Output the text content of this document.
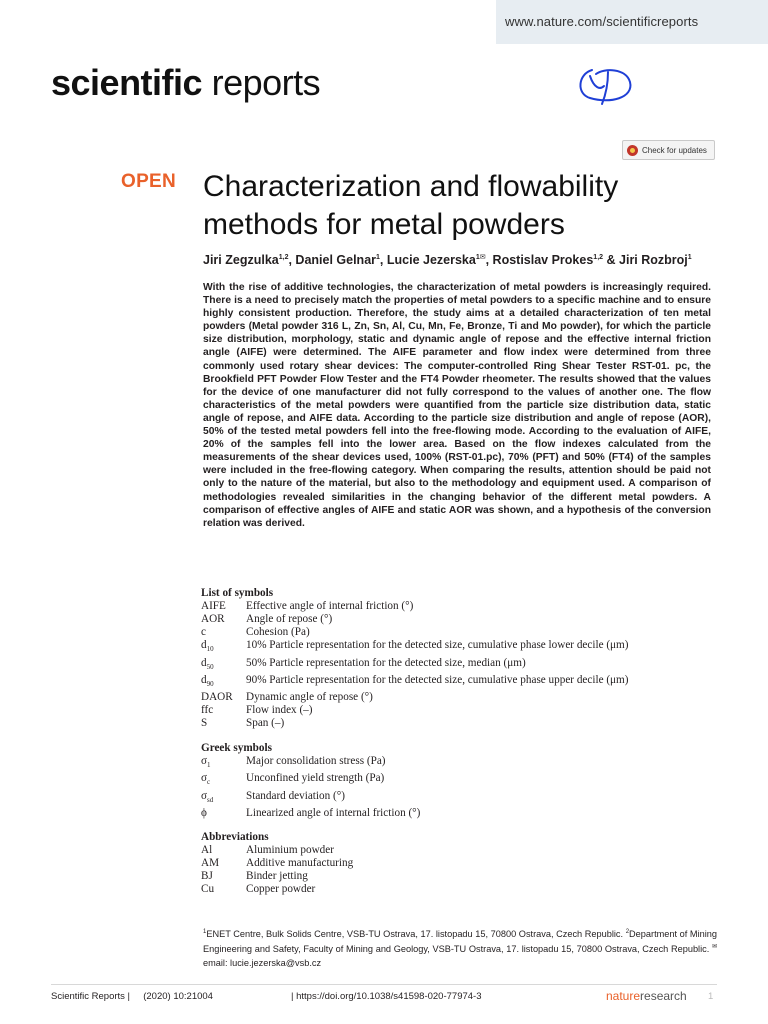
www.nature.com/scientificreports
scientific reports
Check for updates
OPEN Characterization and flowability methods for metal powders
Jiri Zegzulka$^{1,2}$, Daniel Gelnar$^1$, Lucie Jezerska$^{1✉}$, Rostislav Prokes$^{1,2}$ & Jiri Rozbroj$^1$

With the rise of additive technologies, the characterization of metal powders is increasingly required. There is a need to precisely match the properties of metal powders to a specific machine and to ensure highly consistent production. Therefore, the study aims at a detailed characterization of ten metal powders (Metal powder 316 L, Zn, Sn, Al, Cu, Mn, Fe, Bronze, Ti and Mo powder), for which the particle size distribution, morphology, static and dynamic angle of repose and the effective internal friction angle (AIFE) were determined. The AIFE parameter and flow index were determined from three commonly used rotary shear devices: The computer-controlled Ring Shear Tester RST-01. pc, the Brookfield PFT Powder Flow Tester and the FT4 Powder rheometer. The results showed that the values for the device of one manufacturer did not fully correspond to the values of another one. The flow characteristics of the metal powders were quantified from the particle size distribution data, static angle of repose, and AIFE data. According to the particle size distribution and angle of repose (AOR), 50% of the tested metal powders fell into the free-flowing mode. According to the evaluation of AIFE, 20% of the samples fell into the lower area. Based on the flow indexes calculated from the measurements of the shear devices used, 100% (RST-01.pc), 70% (PFT) and 50% (FT4) of the samples were included in the free-flowing category. When comparing the results, attention should be paid not only to the nature of the material, but also to the methodology and equipment used. A comparison of methodologies revealed similarities in the changing behavior of the different metal powders. A comparison of effective angles of AIFE and static AOR was shown, and a hypothesis of the conversion relation was derived.

List of symbols
AIFE	Effective angle of internal friction (°)
AOR	Angle of repose (°)
c	Cohesion (Pa)
$d_{10}$	10% Particle representation for the detected size, cumulative phase lower decile (μm)
$d_{50}$	50% Particle representation for the detected size, median (μm)
$d_{90}$	90% Particle representation for the detected size, cumulative phase upper decile (μm)
DAOR	Dynamic angle of repose (°)
ffc	Flow index (–)
S	Span (–)
Greek symbols
$\sigma_1$	Major consolidation stress (Pa)
$\sigma_c$	Unconfined yield strength (Pa)
$\sigma_{sd}$	Standard deviation (°)
ϕ	Linearized angle of internal friction (°)
Abbreviations
Al	Aluminium powder
AM	Additive manufacturing
BJ	Binder jetting
Cu	Copper powder

$^1$ENET Centre, Bulk Solids Centre, VSB-TU Ostrava, 17. listopadu 15, 70800 Ostrava, Czech Republic. $^2$Department of Mining Engineering and Safety, Faculty of Mining and Geology, VSB-TU Ostrava, 17. listopadu 15, 70800 Ostrava, Czech Republic. ✉email: lucie.jezerska@vsb.cz

Scientific Reports | (2020) 10:21004	| https://doi.org/10.1038/s41598-020-77974-3	natureresearch 1
